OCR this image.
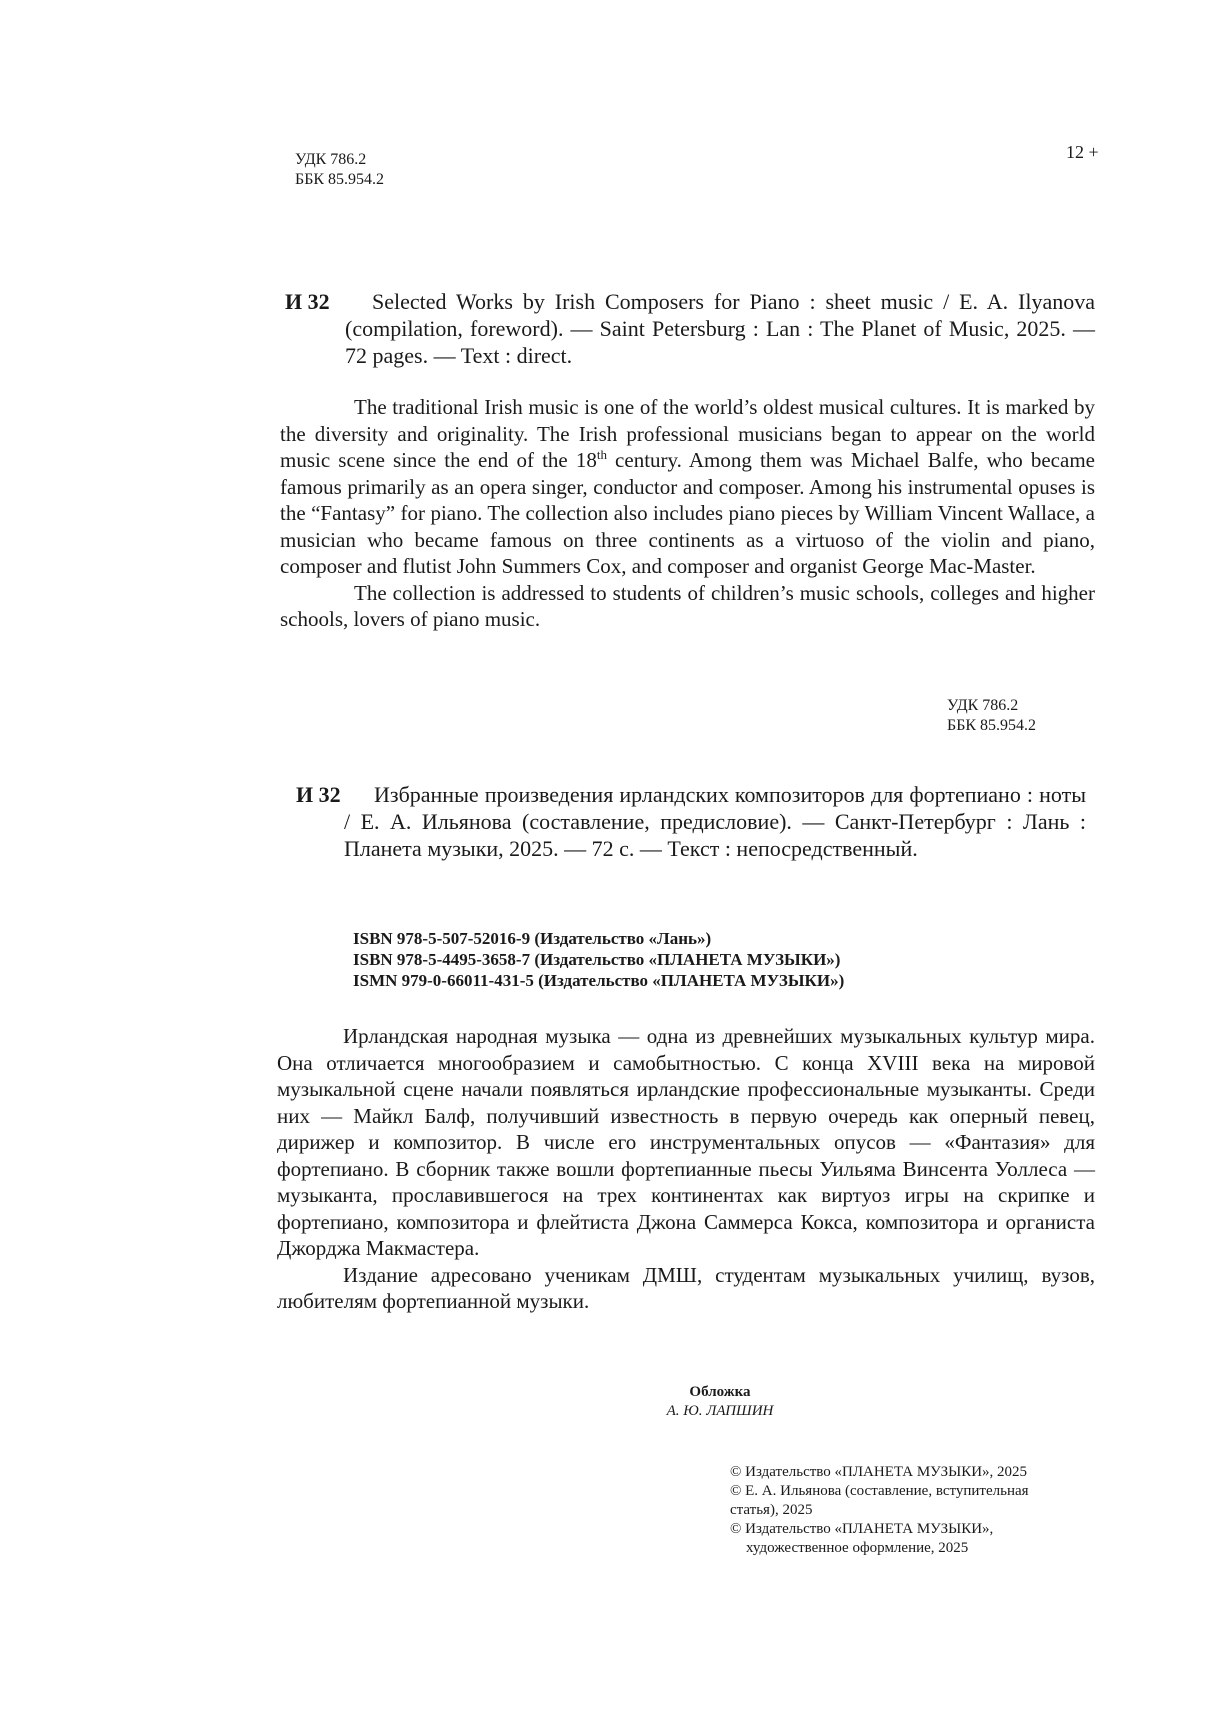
УДК 786.2
ББК 85.954.2
12 +
И 32	Selected Works by Irish Composers for Piano : sheet music / E. A. Ilyanova (compilation, foreword). — Saint Petersburg : Lan : The Planet of Music, 2025. — 72 pages. — Text : direct.

The traditional Irish music is one of the world’s oldest musical cultures. It is marked by the diversity and originality. The Irish professional musicians began to appear on the world music scene since the end of the 18th century. Among them was Michael Balfe, who became famous primarily as an opera singer, conductor and composer. Among his instrumental opuses is the “Fantasy” for piano. The collection also includes piano pieces by William Vincent Wallace, a musician who became famous on three continents as a virtuoso of the violin and piano, composer and flutist John Summers Cox, and composer and organist George Mac-Master.

The collection is addressed to students of children’s music schools, colleges and higher schools, lovers of piano music.

УДК 786.2
ББК 85.954.2
И 32	Избранные произведения ирландских композиторов для фортепиано : ноты / Е. А. Ильянова (составление, предисловие). — Санкт-Петербург : Лань : Планета музыки, 2025. — 72 с. — Текст : непосредственный.
ISBN 978-5-507-52016-9 (Издательство «Лань»)
ISBN 978-5-4495-3658-7 (Издательство «ПЛАНЕТА МУЗЫКИ»)
ISMN 979-0-66011-431-5 (Издательство «ПЛАНЕТА МУЗЫКИ»)

Ирландская народная музыка — одна из древнейших музыкальных культур мира. Она отличается многообразием и самобытностью. С конца XVIII века на мировой музыкальной сцене начали появляться ирландские профессиональные музыканты. Среди них — Майкл Балф, получивший известность в первую очередь как оперный певец, дирижер и композитор. В числе его инструментальных опусов — «Фантазия» для фортепиано. В сборник также вошли фортепианные пьесы Уильяма Винсента Уоллеса — музыканта, прославившегося на трех континентах как виртуоз игры на скрипке и фортепиано, композитора и флейтиста Джона Саммерса Кокса, композитора и органиста Джорджа Макмастера.

Издание адресовано ученикам ДМШ, студентам музыкальных училищ, вузов, любителям фортепианной музыки.

Обложка
А. Ю. ЛАПШИН
© Издательство «ПЛАНЕТА МУЗЫКИ», 2025
© Е. А. Ильянова (составление, вступительная
статья), 2025
© Издательство «ПЛАНЕТА МУЗЫКИ»,
художественное оформление, 2025
